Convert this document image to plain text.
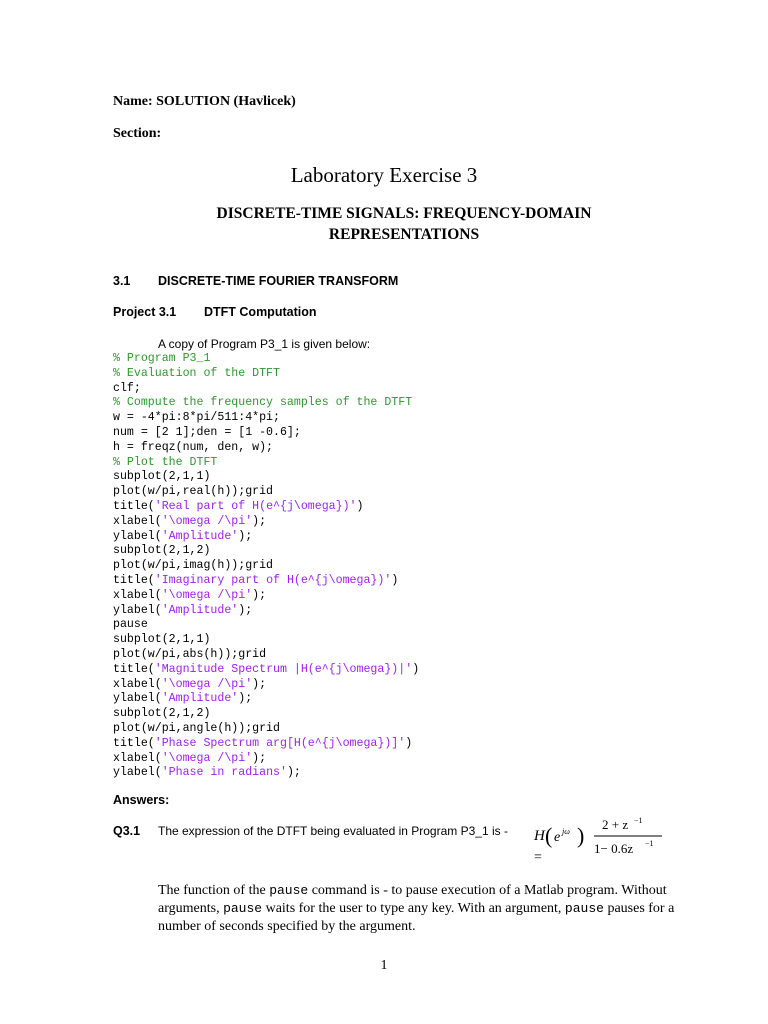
Name: SOLUTION (Havlicek)
Section:
Laboratory Exercise 3
DISCRETE-TIME SIGNALS: FREQUENCY-DOMAIN REPRESENTATIONS
3.1 DISCRETE-TIME FOURIER TRANSFORM
Project 3.1 DTFT Computation
A copy of Program P3_1 is given below:
% Program P3_1
% Evaluation of the DTFT
clf;
% Compute the frequency samples of the DTFT
w = -4*pi:8*pi/511:4*pi;
num = [2 1];den = [1 -0.6];
h = freqz(num, den, w);
% Plot the DTFT
subplot(2,1,1)
plot(w/pi,real(h));grid
title('Real part of H(e^{j\omega})')
xlabel('\omega /\pi');
ylabel('Amplitude');
subplot(2,1,2)
plot(w/pi,imag(h));grid
title('Imaginary part of H(e^{j\omega})')
xlabel('\omega /\pi');
ylabel('Amplitude');
pause
subplot(2,1,1)
plot(w/pi,abs(h));grid
title('Magnitude Spectrum |H(e^{j\omega})|')
xlabel('\omega /\pi');
ylabel('Amplitude');
subplot(2,1,2)
plot(w/pi,angle(h));grid
title('Phase Spectrum arg[H(e^{j\omega})]')
xlabel('\omega /\pi');
ylabel('Phase in radians');
Answers:
Q3.1 The expression of the DTFT being evaluated in Program P3_1 is - H ( e jω ) 2 + z −1
1− 0.6z −1
=
The function of the pause command is - to pause execution of a Matlab program. Without arguments, pause waits for the user to type any key. With an argument, pause pauses for a number of seconds specified by the argument.
1
